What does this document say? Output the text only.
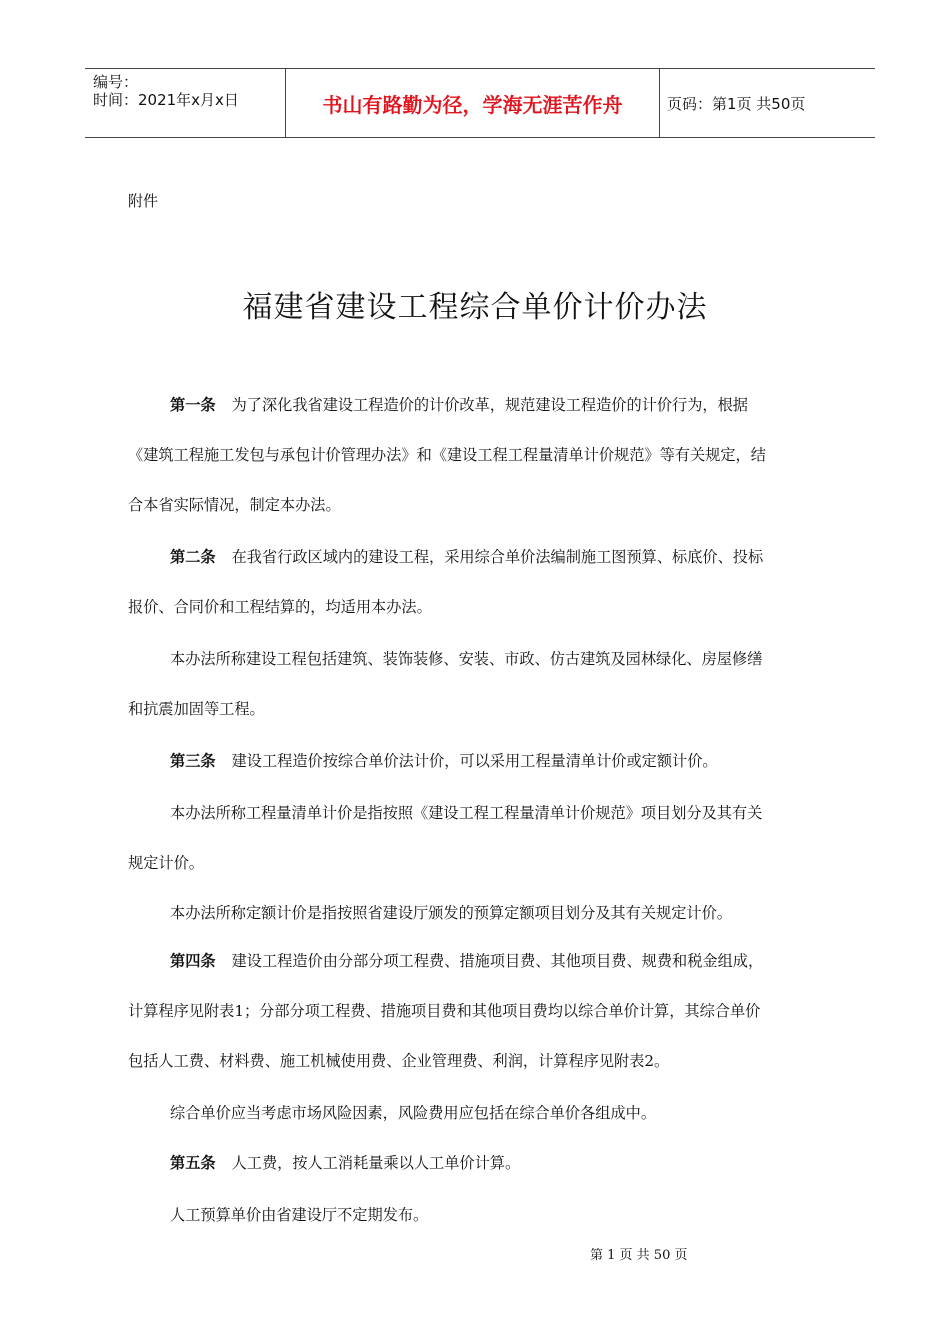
编号：
时间：2021年x月x日	书山有路勤为径，学海无涯苦作舟	页码：第1页 共50页
附件
福建省建设工程综合单价计价办法
第一条 为了深化我省建设工程造价的计价改革，规范建设工程造价的计价行为，根据
《建筑工程施工发包与承包计价管理办法》和《建设工程工程量清单计价规范》等有关规定，结
合本省实际情况，制定本办法。
第二条 在我省行政区域内的建设工程，采用综合单价法编制施工图预算、标底价、投标
报价、合同价和工程结算的，均适用本办法。
本办法所称建设工程包括建筑、装饰装修、安装、市政、仿古建筑及园林绿化、房屋修缮
和抗震加固等工程。
第三条 建设工程造价按综合单价法计价，可以采用工程量清单计价或定额计价。
本办法所称工程量清单计价是指按照《建设工程工程量清单计价规范》项目划分及其有关
规定计价。
本办法所称定额计价是指按照省建设厅颁发的预算定额项目划分及其有关规定计价。
第四条 建设工程造价由分部分项工程费、措施项目费、其他项目费、规费和税金组成，
计算程序见附表1；分部分项工程费、措施项目费和其他项目费均以综合单价计算，其综合单价
包括人工费、材料费、施工机械使用费、企业管理费、利润，计算程序见附表2。
综合单价应当考虑市场风险因素，风险费用应包括在综合单价各组成中。
第五条 人工费，按人工消耗量乘以人工单价计算。
人工预算单价由省建设厅不定期发布。
第 1 页 共 50 页
